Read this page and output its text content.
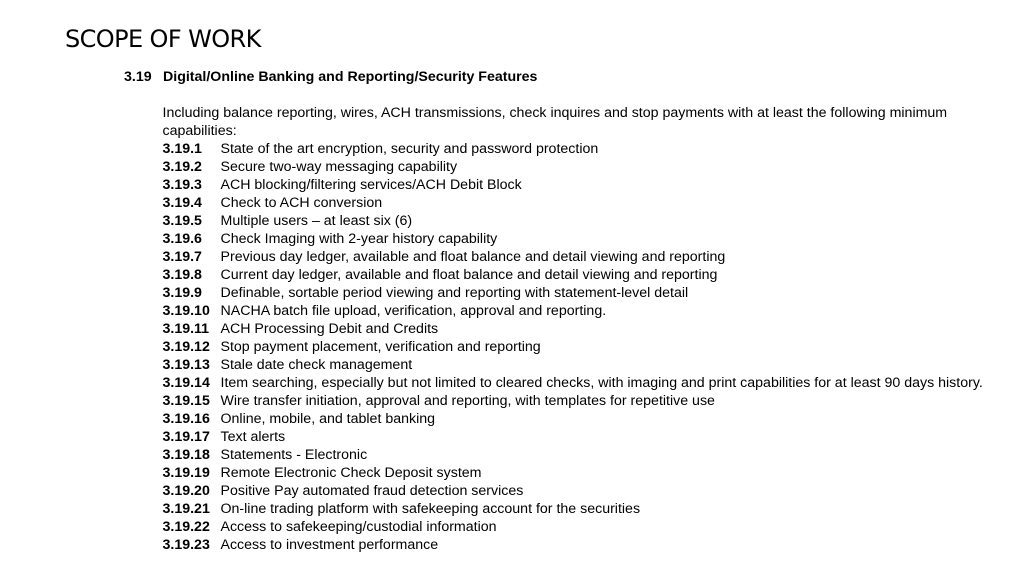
SCOPE OF WORK
3.19 Digital/Online Banking and Reporting/Security Features
Including balance reporting, wires, ACH transmissions, check inquires and stop payments with at least the following minimum capabilities:
3.19.1	State of the art encryption, security and password protection
3.19.2	Secure two-way messaging capability
3.19.3	ACH blocking/filtering services/ACH Debit Block
3.19.4	Check to ACH conversion
3.19.5	Multiple users – at least six (6)
3.19.6	Check Imaging with 2-year history capability
3.19.7	Previous day ledger, available and float balance and detail viewing and reporting
3.19.8	Current day ledger, available and float balance and detail viewing and reporting
3.19.9	Definable, sortable period viewing and reporting with statement-level detail
3.19.10 NACHA batch file upload, verification, approval and reporting.
3.19.11 ACH Processing Debit and Credits
3.19.12 Stop payment placement, verification and reporting
3.19.13 Stale date check management
3.19.14 Item searching, especially but not limited to cleared checks, with imaging and print capabilities for at least 90 days history.
3.19.15 Wire transfer initiation, approval and reporting, with templates for repetitive use
3.19.16 Online, mobile, and tablet banking
3.19.17 Text alerts
3.19.18 Statements - Electronic
3.19.19 Remote Electronic Check Deposit system
3.19.20 Positive Pay automated fraud detection services
3.19.21 On-line trading platform with safekeeping account for the securities
3.19.22 Access to safekeeping/custodial information
3.19.23 Access to investment performance
